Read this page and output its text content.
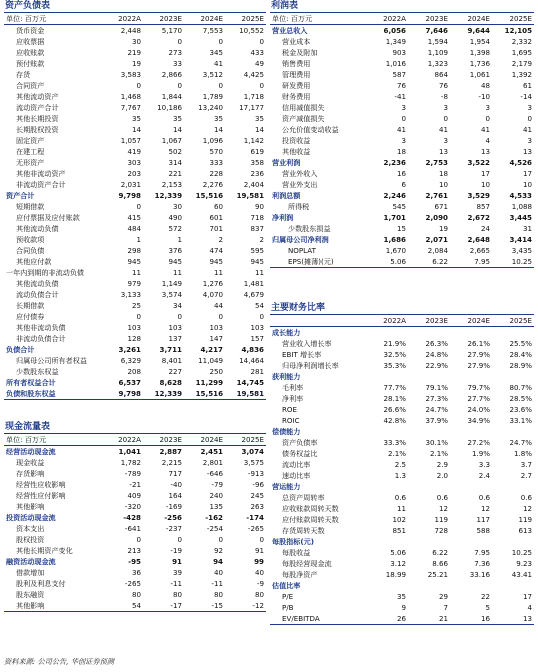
资产负债表
单位: 百万元	2022A	2023E	2024E	2025E
货币资金	2,448	5,170	7,553	10,552
应收票据	30	0	0	0
应收账款	219	273	345	433
预付账款	19	33	41	49
存货	3,583	2,866	3,512	4,425
合同资产	0	0	0	0
其他流动资产	1,468	1,844	1,789	1,718
流动资产合计	7,767	10,186	13,240	17,177
其他长期投资	35	35	35	35
长期股权投资	14	14	14	14
固定资产	1,057	1,067	1,096	1,142
在建工程	419	502	570	619
无形资产	303	314	333	358
其他非流动资产	203	221	228	236
非流动资产合计	2,031	2,153	2,276	2,404
资产合计	9,798	12,339	15,516	19,581
短期借款	0	30	60	90
应付票据及应付账款	415	490	601	718
其他流动负债	484	572	701	837
预收款项	1	1	2	2
合同负债	298	376	474	595
其他应付款	945	945	945	945
一年内到期的非流动负债	11	11	11	11
其他流动负债	979	1,149	1,276	1,481
流动负债合计	3,133	3,574	4,070	4,679
长期借款	25	34	44	54
应付债券	0	0	0	0
其他非流动负债	103	103	103	103
非流动负债合计	128	137	147	157
负债合计	3,261	3,711	4,217	4,836
归属母公司所有者权益	6,329	8,401	11,049	14,464
少数股东权益	208	227	250	281
所有者权益合计	6,537	8,628	11,299	14,745
负债和股东权益	9,798	12,339	15,516	19,581
利润表
单位: 百万元	2022A	2023E	2024E	2025E
营业总收入	6,056	7,646	9,644	12,105
营业成本	1,349	1,594	1,954	2,332
税金及附加	903	1,109	1,398	1,695
销售费用	1,016	1,323	1,736	2,179
管理费用	587	864	1,061	1,392
研发费用	76	76	48	61
财务费用	-41	-8	-10	-14
信用减值损失	3	3	3	3
资产减值损失	0	0	0	0
公允价值变动收益	41	41	41	41
投资收益	3	3	4	3
其他收益	18	13	13	13
营业利润	2,236	2,753	3,522	4,526
营业外收入	16	18	17	17
营业外支出	6	10	10	10
利润总额	2,246	2,761	3,529	4,533
所得税	545	671	857	1,088
净利润	1,701	2,090	2,672	3,445
少数股东损益	15	19	24	31
归属母公司净利润	1,686	2,071	2,648	3,414
NOPLAT	1,670	2,084	2,665	3,435
EPS(摊薄)(元)	5.06	6.22	7.95	10.25
现金流量表
单位: 百万元	2022A	2023E	2024E	2025E
经营活动现金流	1,041	2,887	2,451	3,074
现金收益	1,782	2,215	2,801	3,575
存货影响	-789	717	-646	-913
经营性应收影响	-21	-40	-79	-96
经营性应付影响	409	164	240	245
其他影响	-320	-169	135	263
投资活动现金流	-428	-256	-162	-174
资本支出	-641	-237	-254	-265
股权投资	0	0	0	0
其他长期资产变化	213	-19	92	91
融资活动现金流	-95	91	94	99
借款增加	36	39	40	40
股利及利息支付	-265	-11	-11	-9
股东融资	80	80	80	80
其他影响	54	-17	-15	-12
主要财务比率
	2022A	2023E	2024E	2025E
成长能力				
营业收入增长率	21.9%	26.3%	26.1%	25.5%
EBIT 增长率	32.5%	24.8%	27.9%	28.4%
归母净利润增长率	35.3%	22.9%	27.9%	28.9%
获利能力				
毛利率	77.7%	79.1%	79.7%	80.7%
净利率	28.1%	27.3%	27.7%	28.5%
ROE	26.6%	24.7%	24.0%	23.6%
ROIC	42.8%	37.9%	34.9%	33.1%
偿债能力				
资产负债率	33.3%	30.1%	27.2%	24.7%
债务权益比	2.1%	2.1%	1.9%	1.8%
流动比率	2.5	2.9	3.3	3.7
速动比率	1.3	2.0	2.4	2.7
营运能力				
总资产周转率	0.6	0.6	0.6	0.6
应收账款周转天数	11	12	12	12
应付账款周转天数	102	119	117	119
存货周转天数	851	728	588	613
每股指标(元)				
每股收益	5.06	6.22	7.95	10.25
每股经营现金流	3.12	8.66	7.36	9.23
每股净资产	18.99	25.21	33.16	43.41
估值比率				
P/E	35	29	22	17
P/B	9	7	5	4
EV/EBITDA	26	21	16	13
资料来源: 公司公告, 华创证券预测
